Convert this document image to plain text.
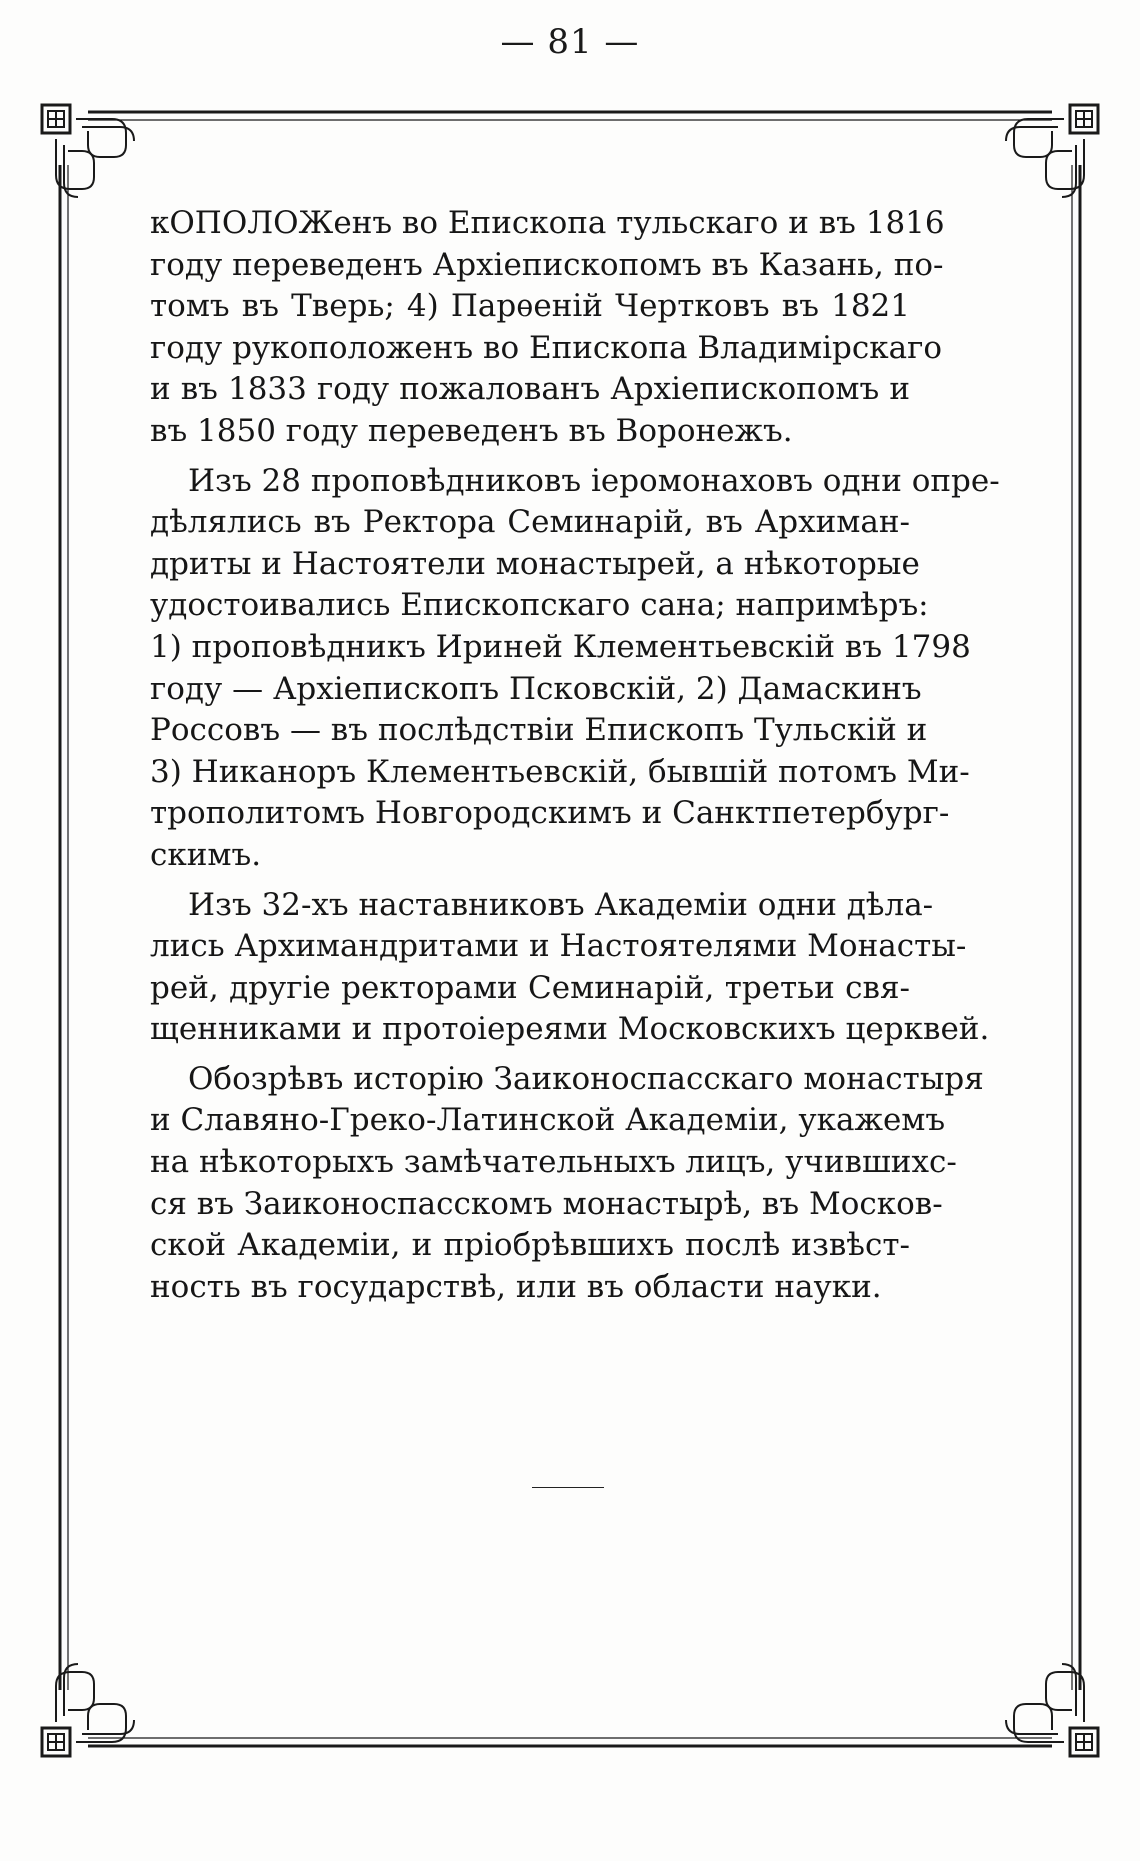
— 81 —
кОПОЛОЖенъ во Епископа тульскаго и въ 1816
году переведенъ Архіепископомъ въ Казань, по-
томъ въ Тверь; 4) Парѳеній Чертковъ въ 1821
году рукоположенъ во Епископа Владимірскаго
и въ 1833 году пожалованъ Архіепископомъ и
въ 1850 году переведенъ въ Воронежъ.
Изъ 28 проповѣдниковъ іеромонаховъ одни опре-
дѣлялись въ Ректора Семинарій, въ Архиман-
дриты и Настоятели монастырей, а нѣкоторые
удостоивались Епископскаго сана; напримѣръ:
1) проповѣдникъ Ириней Клементьевскій въ 1798
году — Архіепископъ Псковскій, 2) Дамаскинъ
Россовъ — въ послѣдствіи Епископъ Тульскій и
3) Никаноръ Клементьевскій, бывшій потомъ Ми-
трополитомъ Новгородскимъ и Санктпетербург-
скимъ.
Изъ 32-хъ наставниковъ Академіи одни дѣла-
лись Архимандритами и Настоятелями Монасты-
рей, другіе ректорами Семинарій, третьи свя-
щенниками и протоіереями Московскихъ церквей.
Обозрѣвъ исторію Заиконоспасскаго монастыря
и Славяно-Греко-Латинской Академіи, укажемъ
на нѣкоторыхъ замѣчательныхъ лицъ, учившихс-
ся въ Заиконоспасскомъ монастырѣ, въ Москов-
ской Академіи, и пріобрѣвшихъ послѣ извѣст-
ность въ государствѣ, или въ области науки.
